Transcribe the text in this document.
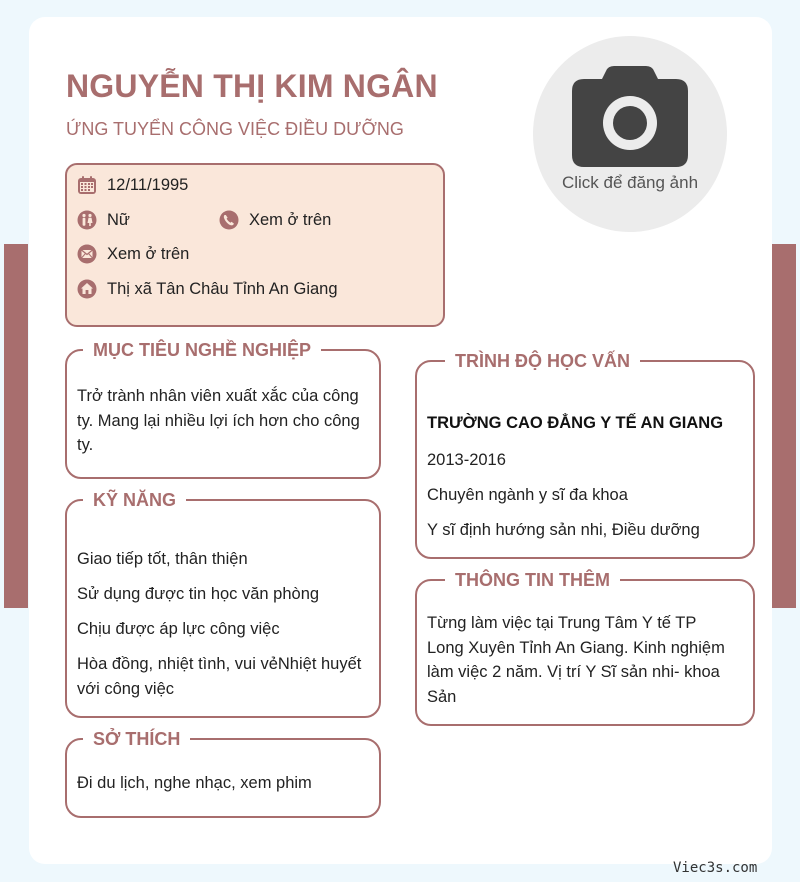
NGUYỄN THỊ KIM NGÂN
ỨNG TUYỂN CÔNG VIỆC ĐIỀU DƯỠNG
Click để đăng ảnh
12/11/1995
Nữ	Xem ở trên
Xem ở trên
Thị xã Tân Châu Tỉnh An Giang
MỤC TIÊU NGHỀ NGHIỆP
Trở trành nhân viên xuất xắc của công ty. Mang lại nhiều lợi ích hơn cho công ty.
KỸ NĂNG
Giao tiếp tốt, thân thiện
Sử dụng được tin học văn phòng
Chịu được áp lực công việc
Hòa đồng, nhiệt tình, vui vẻNhiệt huyết với công việc
SỞ THÍCH
Đi du lịch, nghe nhạc, xem phim
TRÌNH ĐỘ HỌC VẤN
TRƯỜNG CAO ĐẲNG Y TẾ AN GIANG
2013-2016
Chuyên ngành y sĩ đa khoa
Y sĩ định hướng sản nhi, Điều dưỡng
THÔNG TIN THÊM
Từng làm việc tại Trung Tâm Y tế TP Long Xuyên Tỉnh An Giang. Kinh nghiệm làm việc 2 năm. Vị trí Y Sĩ sản nhi- khoa Sản
Viec3s.com
